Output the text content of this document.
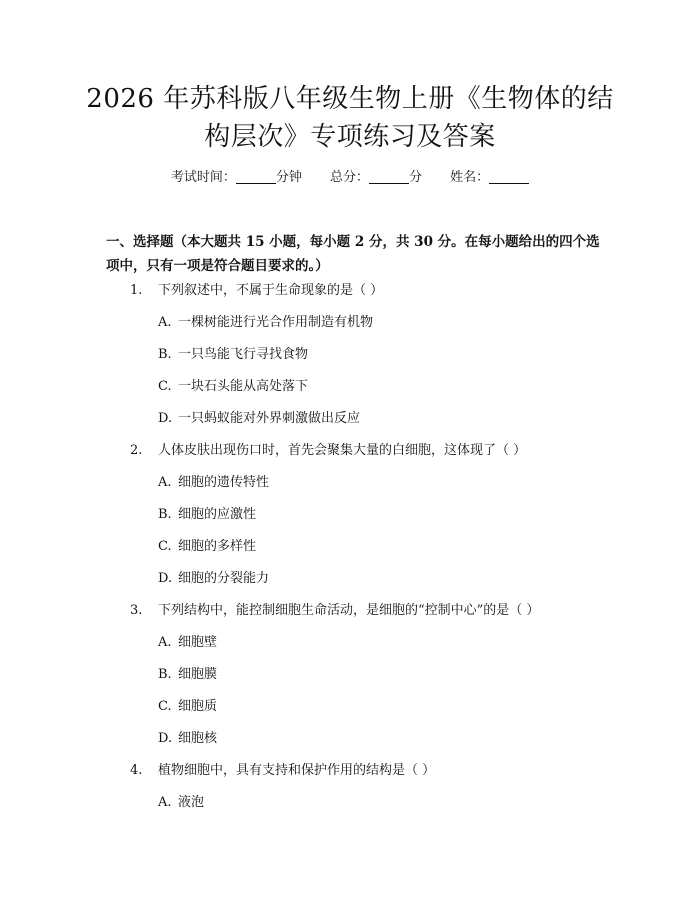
2026 年苏科版八年级生物上册《生物体的结
构层次》专项练习及答案
考试时间：	分钟 总分：	分 姓名：
一、选择题（本大题共 15 小题，每小题 2 分，共 30 分。在每小题给出的四个选
项中，只有一项是符合题目要求的。）
1. 下列叙述中，不属于生命现象的是（ ）
A. 一棵树能进行光合作用制造有机物
B. 一只鸟能飞行寻找食物
C. 一块石头能从高处落下
D. 一只蚂蚁能对外界刺激做出反应
2. 人体皮肤出现伤口时，首先会聚集大量的白细胞，这体现了（ ）
A. 细胞的遗传特性
B. 细胞的应激性
C. 细胞的多样性
D. 细胞的分裂能力
3. 下列结构中，能控制细胞生命活动，是细胞的“控制中心”的是（ ）
A. 细胞壁
B. 细胞膜
C. 细胞质
D. 细胞核
4. 植物细胞中，具有支持和保护作用的结构是（ ）
A. 液泡
